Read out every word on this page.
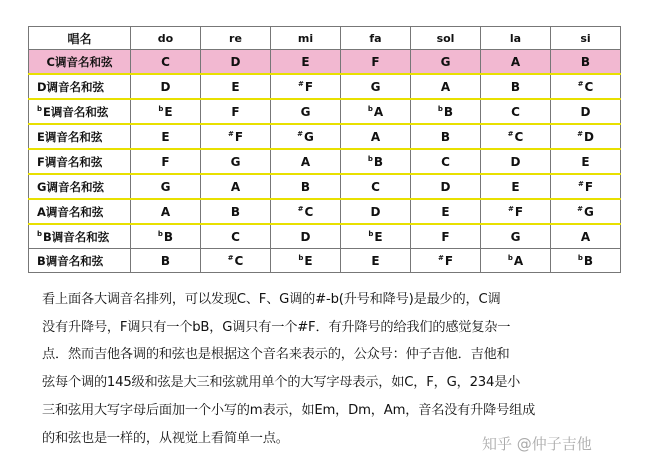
唱名	do	re	mi	fa	sol	la	si
C调音名和弦	C	D	E	F	G	A	B
D调音名和弦	D	E	#F	G	A	B	#C
$^b$E调音名和弦	$^b$E	F	G	$^b$A	$^b$B	C	D
E调音名和弦	E	#F	#G	A	B	#C	#D
F调音名和弦	F	G	A	$^b$B	C	D	E
G调音名和弦	G	A	B	C	D	E	#F
A调音名和弦	A	B	#C	D	E	#F	#G
$^b$B调音名和弦	$^b$B	C	D	$^b$E	F	G	A
B调音名和弦	B	#C	$^b$E	E	#F	$^b$A	$^b$B
看上面各大调音名排列，可以发现C、F、G调的#-b(升号和降号)是最少的，C调
没有升降号，F调只有一个bB，G调只有一个#F．有升降号的给我们的感觉复杂一
点．然而吉他各调的和弦也是根据这个音名来表示的，公众号：仲子吉他．吉他和
弦每个调的145级和弦是大三和弦就用单个的大写字母表示，如C，F，G，234是小
三和弦用大写字母后面加一个小写的m表示，如Em，Dm，Am，音名没有升降号组成
的和弦也是一样的，从视觉上看简单一点。	知乎 @仲子吉他
